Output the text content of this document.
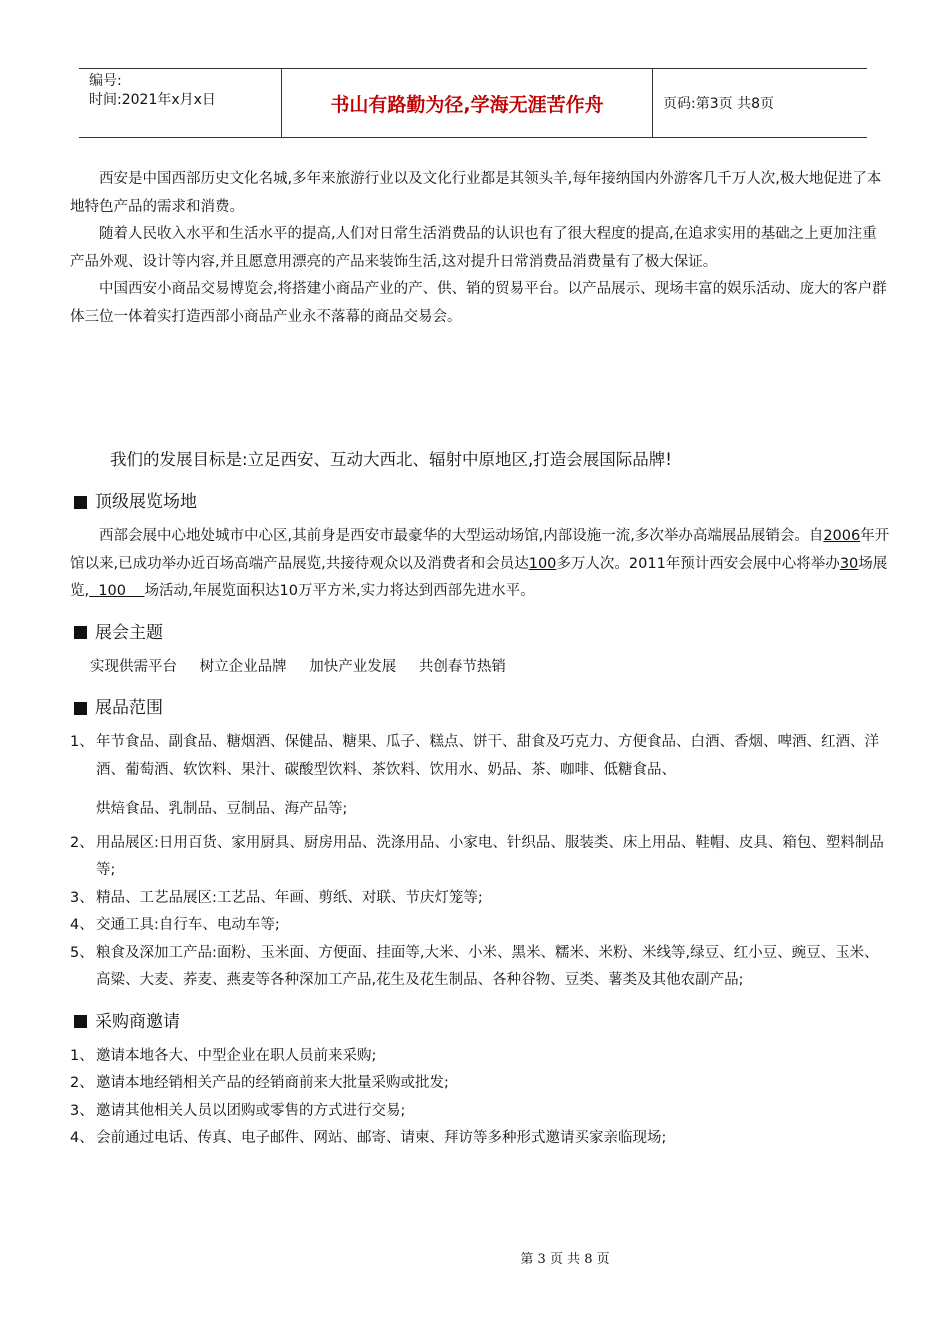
编号:
时间:2021年x月x日	书山有路勤为径,学海无涯苦作舟	页码:第3页 共8页

西安是中国西部历史文化名城,多年来旅游行业以及文化行业都是其领头羊,每年接纳国内外游客几千万人次,极大地促进了本地特色产品的需求和消费。

随着人民收入水平和生活水平的提高,人们对日常生活消费品的认识也有了很大程度的提高,在追求实用的基础之上更加注重产品外观、设计等内容,并且愿意用漂亮的产品来装饰生活,这对提升日常消费品消费量有了极大保证。

中国西安小商品交易博览会,将搭建小商品产业的产、供、销的贸易平台。以产品展示、现场丰富的娱乐活动、庞大的客户群体三位一体着实打造西部小商品产业永不落幕的商品交易会。

我们的发展目标是:立足西安、互动大西北、辐射中原地区,打造会展国际品牌!

顶级展览场地

西部会展中心地处城市中心区,其前身是西安市最豪华的大型运动场馆,内部设施一流,多次举办高端展品展销会。自2006年开馆以来,已成功举办近百场高端产品展览,共接待观众以及消费者和会员达100多万人次。2011年预计西安会展中心将举办30场展览, 100 场活动,年展览面积达10万平方米,实力将达到西部先进水平。

展会主题

实现供需平台 树立企业品牌 加快产业发展 共创春节热销

展品范围
1、 年节食品、副食品、糖烟酒、保健品、糖果、瓜子、糕点、饼干、甜食及巧克力、方便食品、白酒、香烟、啤酒、红酒、洋酒、葡萄酒、软饮料、果汁、碳酸型饮料、茶饮料、饮用水、奶品、茶、咖啡、低糖食品、
烘焙食品、乳制品、豆制品、海产品等;
2、 用品展区:日用百货、家用厨具、厨房用品、洗涤用品、小家电、针织品、服装类、床上用品、鞋帽、皮具、箱包、塑料制品等;
3、 精品、工艺品展区:工艺品、年画、剪纸、对联、节庆灯笼等;
4、 交通工具:自行车、电动车等;
5、 粮食及深加工产品:面粉、玉米面、方便面、挂面等,大米、小米、黑米、糯米、米粉、米线等,绿豆、红小豆、豌豆、玉米、高粱、大麦、荞麦、燕麦等各种深加工产品,花生及花生制品、各种谷物、豆类、薯类及其他农副产品;
采购商邀请
1、 邀请本地各大、中型企业在职人员前来采购;
2、 邀请本地经销相关产品的经销商前来大批量采购或批发;
3、 邀请其他相关人员以团购或零售的方式进行交易;
4、 会前通过电话、传真、电子邮件、网站、邮寄、请柬、拜访等多种形式邀请买家亲临现场;
第 3 页 共 8 页
